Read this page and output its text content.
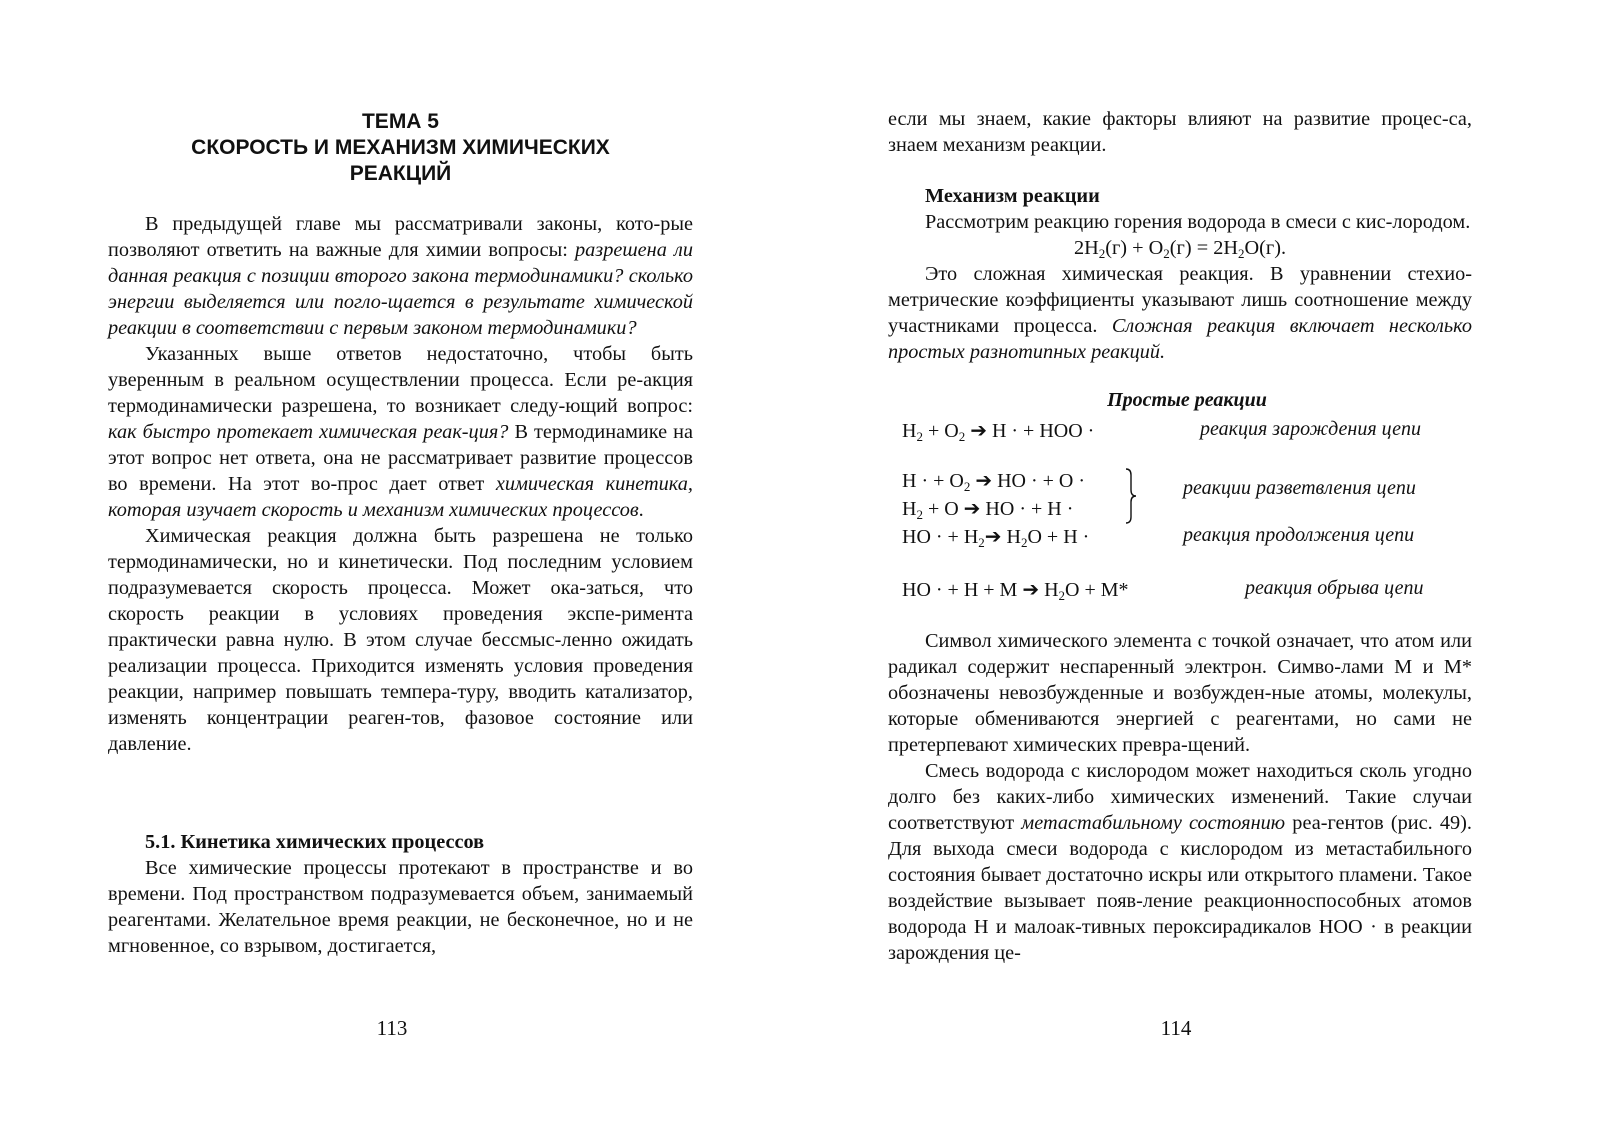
ТЕМА 5
СКОРОСТЬ И МЕХАНИЗМ ХИМИЧЕСКИХ
РЕАКЦИЙ

В предыдущей главе мы рассматривали законы, кото-рые позволяют ответить на важные для химии вопросы: разрешена ли данная реакция с позиции второго закона термодинамики? сколько энергии выделяется или погло-щается в результате химической реакции в соответствии с первым законом термодинамики?

Указанных выше ответов недостаточно, чтобы быть уверенным в реальном осуществлении процесса. Если ре-акция термодинамически разрешена, то возникает следу-ющий вопрос: как быстро протекает химическая реак-ция? В термодинамике на этот вопрос нет ответа, она не рассматривает развитие процессов во времени. На этот во-прос дает ответ химическая кинетика, которая изучает скорость и механизм химических процессов.

Химическая реакция должна быть разрешена не только термодинамически, но и кинетически. Под последним условием подразумевается скорость процесса. Может ока-заться, что скорость реакции в условиях проведения экспе-римента практически равна нулю. В этом случае бессмыс-ленно ожидать реализации процесса. Приходится изменять условия проведения реакции, например повышать темпера-туру, вводить катализатор, изменять концентрации реаген-тов, фазовое состояние или давление.

5.1. Кинетика химических процессов

Все химические процессы протекают в пространстве и во времени. Под пространством подразумевается объем, занимаемый реагентами. Желательное время реакции, не бесконечное, но и не мгновенное, со взрывом, достигается,

113

если мы знаем, какие факторы влияют на развитие процес-са, знаем механизм реакции.

Механизм реакции

Рассмотрим реакцию горения водорода в смеси с кис-лородом.

$2H_2(г) + O_2(г) = 2H_2O(г)$.

Это сложная химическая реакция. В уравнении стехио-метрические коэффициенты указывают лишь соотношение между участниками процесса. Сложная реакция включает несколько простых разнотипных реакций.

Простые реакции
$H_2 + O_2$ ➔ H · + HOO ·	реакция зарождения цепи
H · + $O_2$ ➔ HO · + O ·
$H_2 + O$ ➔ HO · + H ·
реакции разветвления цепи
HO · + $H_2➔$ $H_2O + H$ ·	реакция продолжения цепи
HO · + H + M ➔ $H_2O + M*$	реакция обрыва цепи

Символ химического элемента с точкой означает, что атом или радикал содержит неспаренный электрон. Симво-лами M и M* обозначены невозбужденные и возбужден-ные атомы, молекулы, которые обмениваются энергией с реагентами, но сами не претерпевают химических превра-щений.

Смесь водорода с кислородом может находиться сколь угодно долго без каких-либо химических изменений. Такие случаи соответствуют метастабильному состоянию реа-гентов (рис. 49). Для выхода смеси водорода с кислородом из метастабильного состояния бывает достаточно искры или открытого пламени. Такое воздействие вызывает появ-ление реакционноспособных атомов водорода H и малоак-тивных пероксирадикалов HOO · в реакции зарождения це-

114
